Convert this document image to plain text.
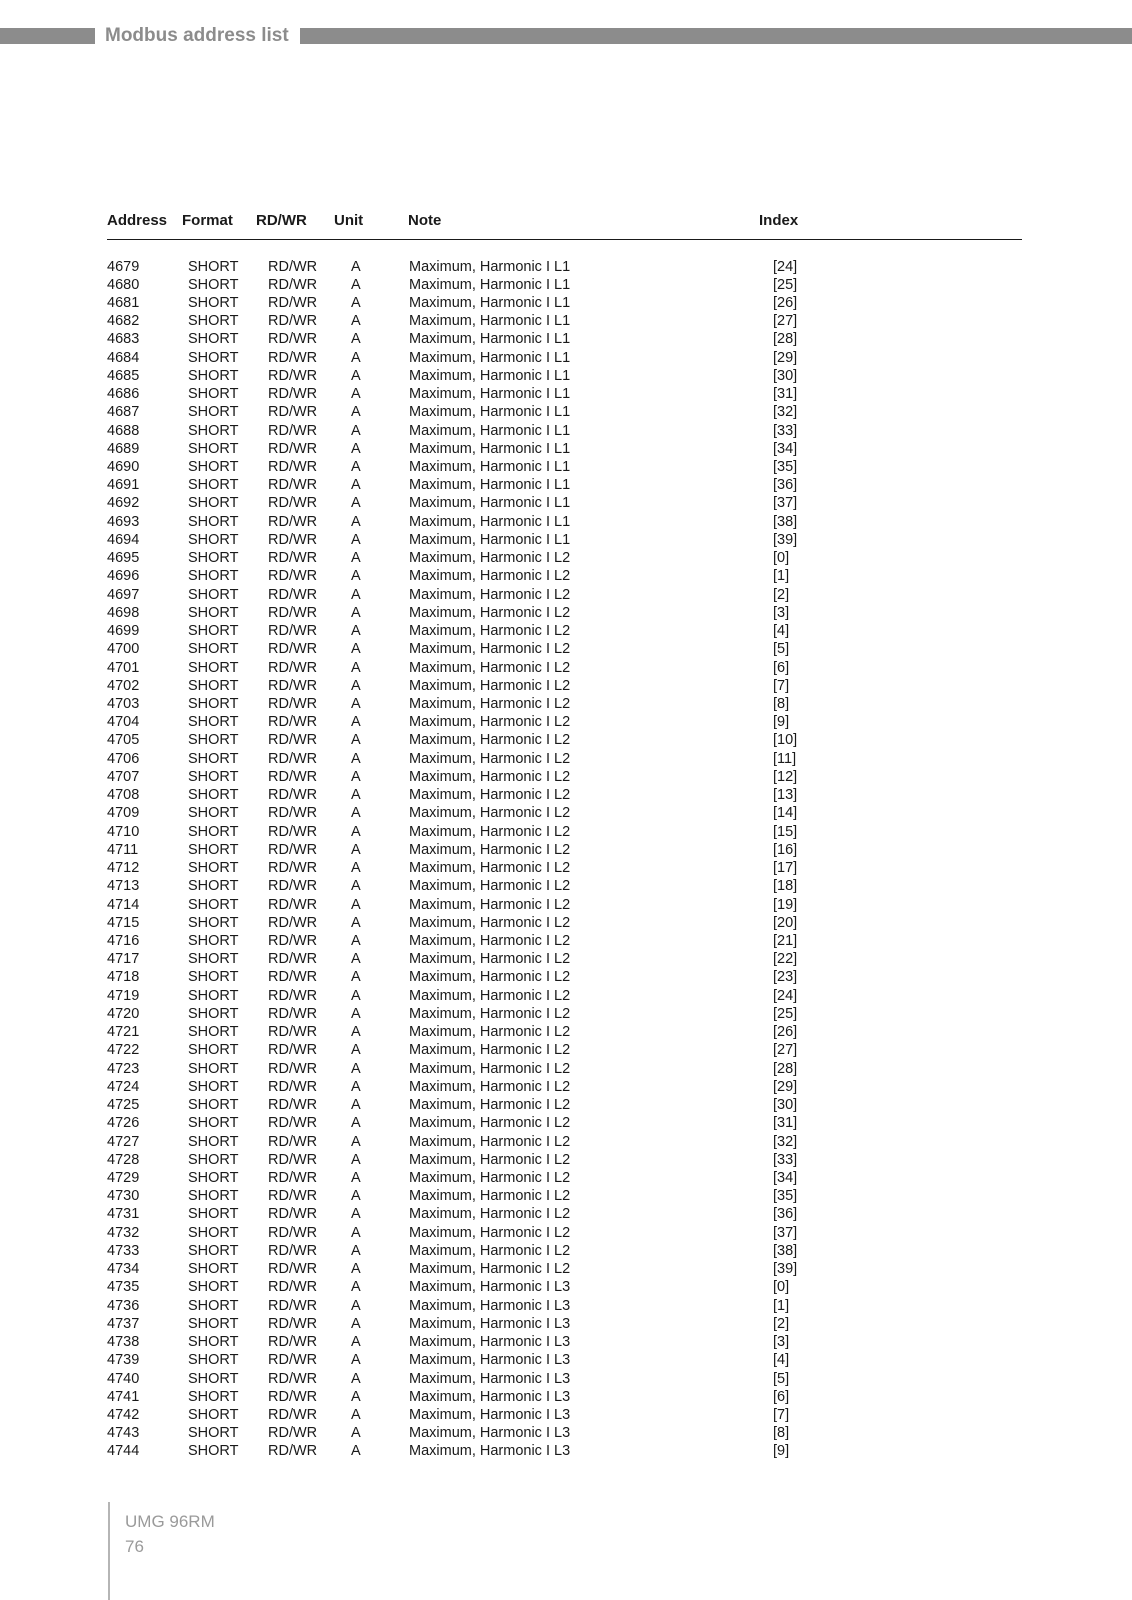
Modbus address list
Address Format RD/WR Unit	Note	Index
4679	SHORT RD/WR A	Maximum, Harmonic I L1	[24]
4680	SHORT RD/WR A	Maximum, Harmonic I L1	[25]
4681	SHORT RD/WR A	Maximum, Harmonic I L1	[26]
4682	SHORT RD/WR A	Maximum, Harmonic I L1	[27]
4683	SHORT RD/WR A	Maximum, Harmonic I L1	[28]
4684	SHORT RD/WR A	Maximum, Harmonic I L1	[29]
4685	SHORT RD/WR A	Maximum, Harmonic I L1	[30]
4686	SHORT RD/WR A	Maximum, Harmonic I L1	[31]
4687	SHORT RD/WR A	Maximum, Harmonic I L1	[32]
4688	SHORT RD/WR A	Maximum, Harmonic I L1	[33]
4689	SHORT RD/WR A	Maximum, Harmonic I L1	[34]
4690	SHORT RD/WR A	Maximum, Harmonic I L1	[35]
4691	SHORT RD/WR A	Maximum, Harmonic I L1	[36]
4692	SHORT RD/WR A	Maximum, Harmonic I L1	[37]
4693	SHORT RD/WR A	Maximum, Harmonic I L1	[38]
4694	SHORT RD/WR A	Maximum, Harmonic I L1	[39]
4695	SHORT RD/WR A	Maximum, Harmonic I L2	[0]
4696	SHORT RD/WR A	Maximum, Harmonic I L2	[1]
4697	SHORT RD/WR A	Maximum, Harmonic I L2	[2]
4698	SHORT RD/WR A	Maximum, Harmonic I L2	[3]
4699	SHORT RD/WR A	Maximum, Harmonic I L2	[4]
4700	SHORT RD/WR A	Maximum, Harmonic I L2	[5]
4701	SHORT RD/WR A	Maximum, Harmonic I L2	[6]
4702	SHORT RD/WR A	Maximum, Harmonic I L2	[7]
4703	SHORT RD/WR A	Maximum, Harmonic I L2	[8]
4704	SHORT RD/WR A	Maximum, Harmonic I L2	[9]
4705	SHORT RD/WR A	Maximum, Harmonic I L2	[10]
4706	SHORT RD/WR A	Maximum, Harmonic I L2	[11]
4707	SHORT RD/WR A	Maximum, Harmonic I L2	[12]
4708	SHORT RD/WR A	Maximum, Harmonic I L2	[13]
4709	SHORT RD/WR A	Maximum, Harmonic I L2	[14]
4710	SHORT RD/WR A	Maximum, Harmonic I L2	[15]
4711	SHORT RD/WR A	Maximum, Harmonic I L2	[16]
4712	SHORT RD/WR A	Maximum, Harmonic I L2	[17]
4713	SHORT RD/WR A	Maximum, Harmonic I L2	[18]
4714	SHORT RD/WR A	Maximum, Harmonic I L2	[19]
4715	SHORT RD/WR A	Maximum, Harmonic I L2	[20]
4716	SHORT RD/WR A	Maximum, Harmonic I L2	[21]
4717	SHORT RD/WR A	Maximum, Harmonic I L2	[22]
4718	SHORT RD/WR A	Maximum, Harmonic I L2	[23]
4719	SHORT RD/WR A	Maximum, Harmonic I L2	[24]
4720	SHORT RD/WR A	Maximum, Harmonic I L2	[25]
4721	SHORT RD/WR A	Maximum, Harmonic I L2	[26]
4722	SHORT RD/WR A	Maximum, Harmonic I L2	[27]
4723	SHORT RD/WR A	Maximum, Harmonic I L2	[28]
4724	SHORT RD/WR A	Maximum, Harmonic I L2	[29]
4725	SHORT RD/WR A	Maximum, Harmonic I L2	[30]
4726	SHORT RD/WR A	Maximum, Harmonic I L2	[31]
4727	SHORT RD/WR A	Maximum, Harmonic I L2	[32]
4728	SHORT RD/WR A	Maximum, Harmonic I L2	[33]
4729	SHORT RD/WR A	Maximum, Harmonic I L2	[34]
4730	SHORT RD/WR A	Maximum, Harmonic I L2	[35]
4731	SHORT RD/WR A	Maximum, Harmonic I L2	[36]
4732	SHORT RD/WR A	Maximum, Harmonic I L2	[37]
4733	SHORT RD/WR A	Maximum, Harmonic I L2	[38]
4734	SHORT RD/WR A	Maximum, Harmonic I L2	[39]
4735	SHORT RD/WR A	Maximum, Harmonic I L3	[0]
4736	SHORT RD/WR A	Maximum, Harmonic I L3	[1]
4737	SHORT RD/WR A	Maximum, Harmonic I L3	[2]
4738	SHORT RD/WR A	Maximum, Harmonic I L3	[3]
4739	SHORT RD/WR A	Maximum, Harmonic I L3	[4]
4740	SHORT RD/WR A	Maximum, Harmonic I L3	[5]
4741	SHORT RD/WR A	Maximum, Harmonic I L3	[6]
4742	SHORT RD/WR A	Maximum, Harmonic I L3	[7]
4743	SHORT RD/WR A	Maximum, Harmonic I L3	[8]
4744	SHORT RD/WR A	Maximum, Harmonic I L3	[9]
UMG 96RM
76
